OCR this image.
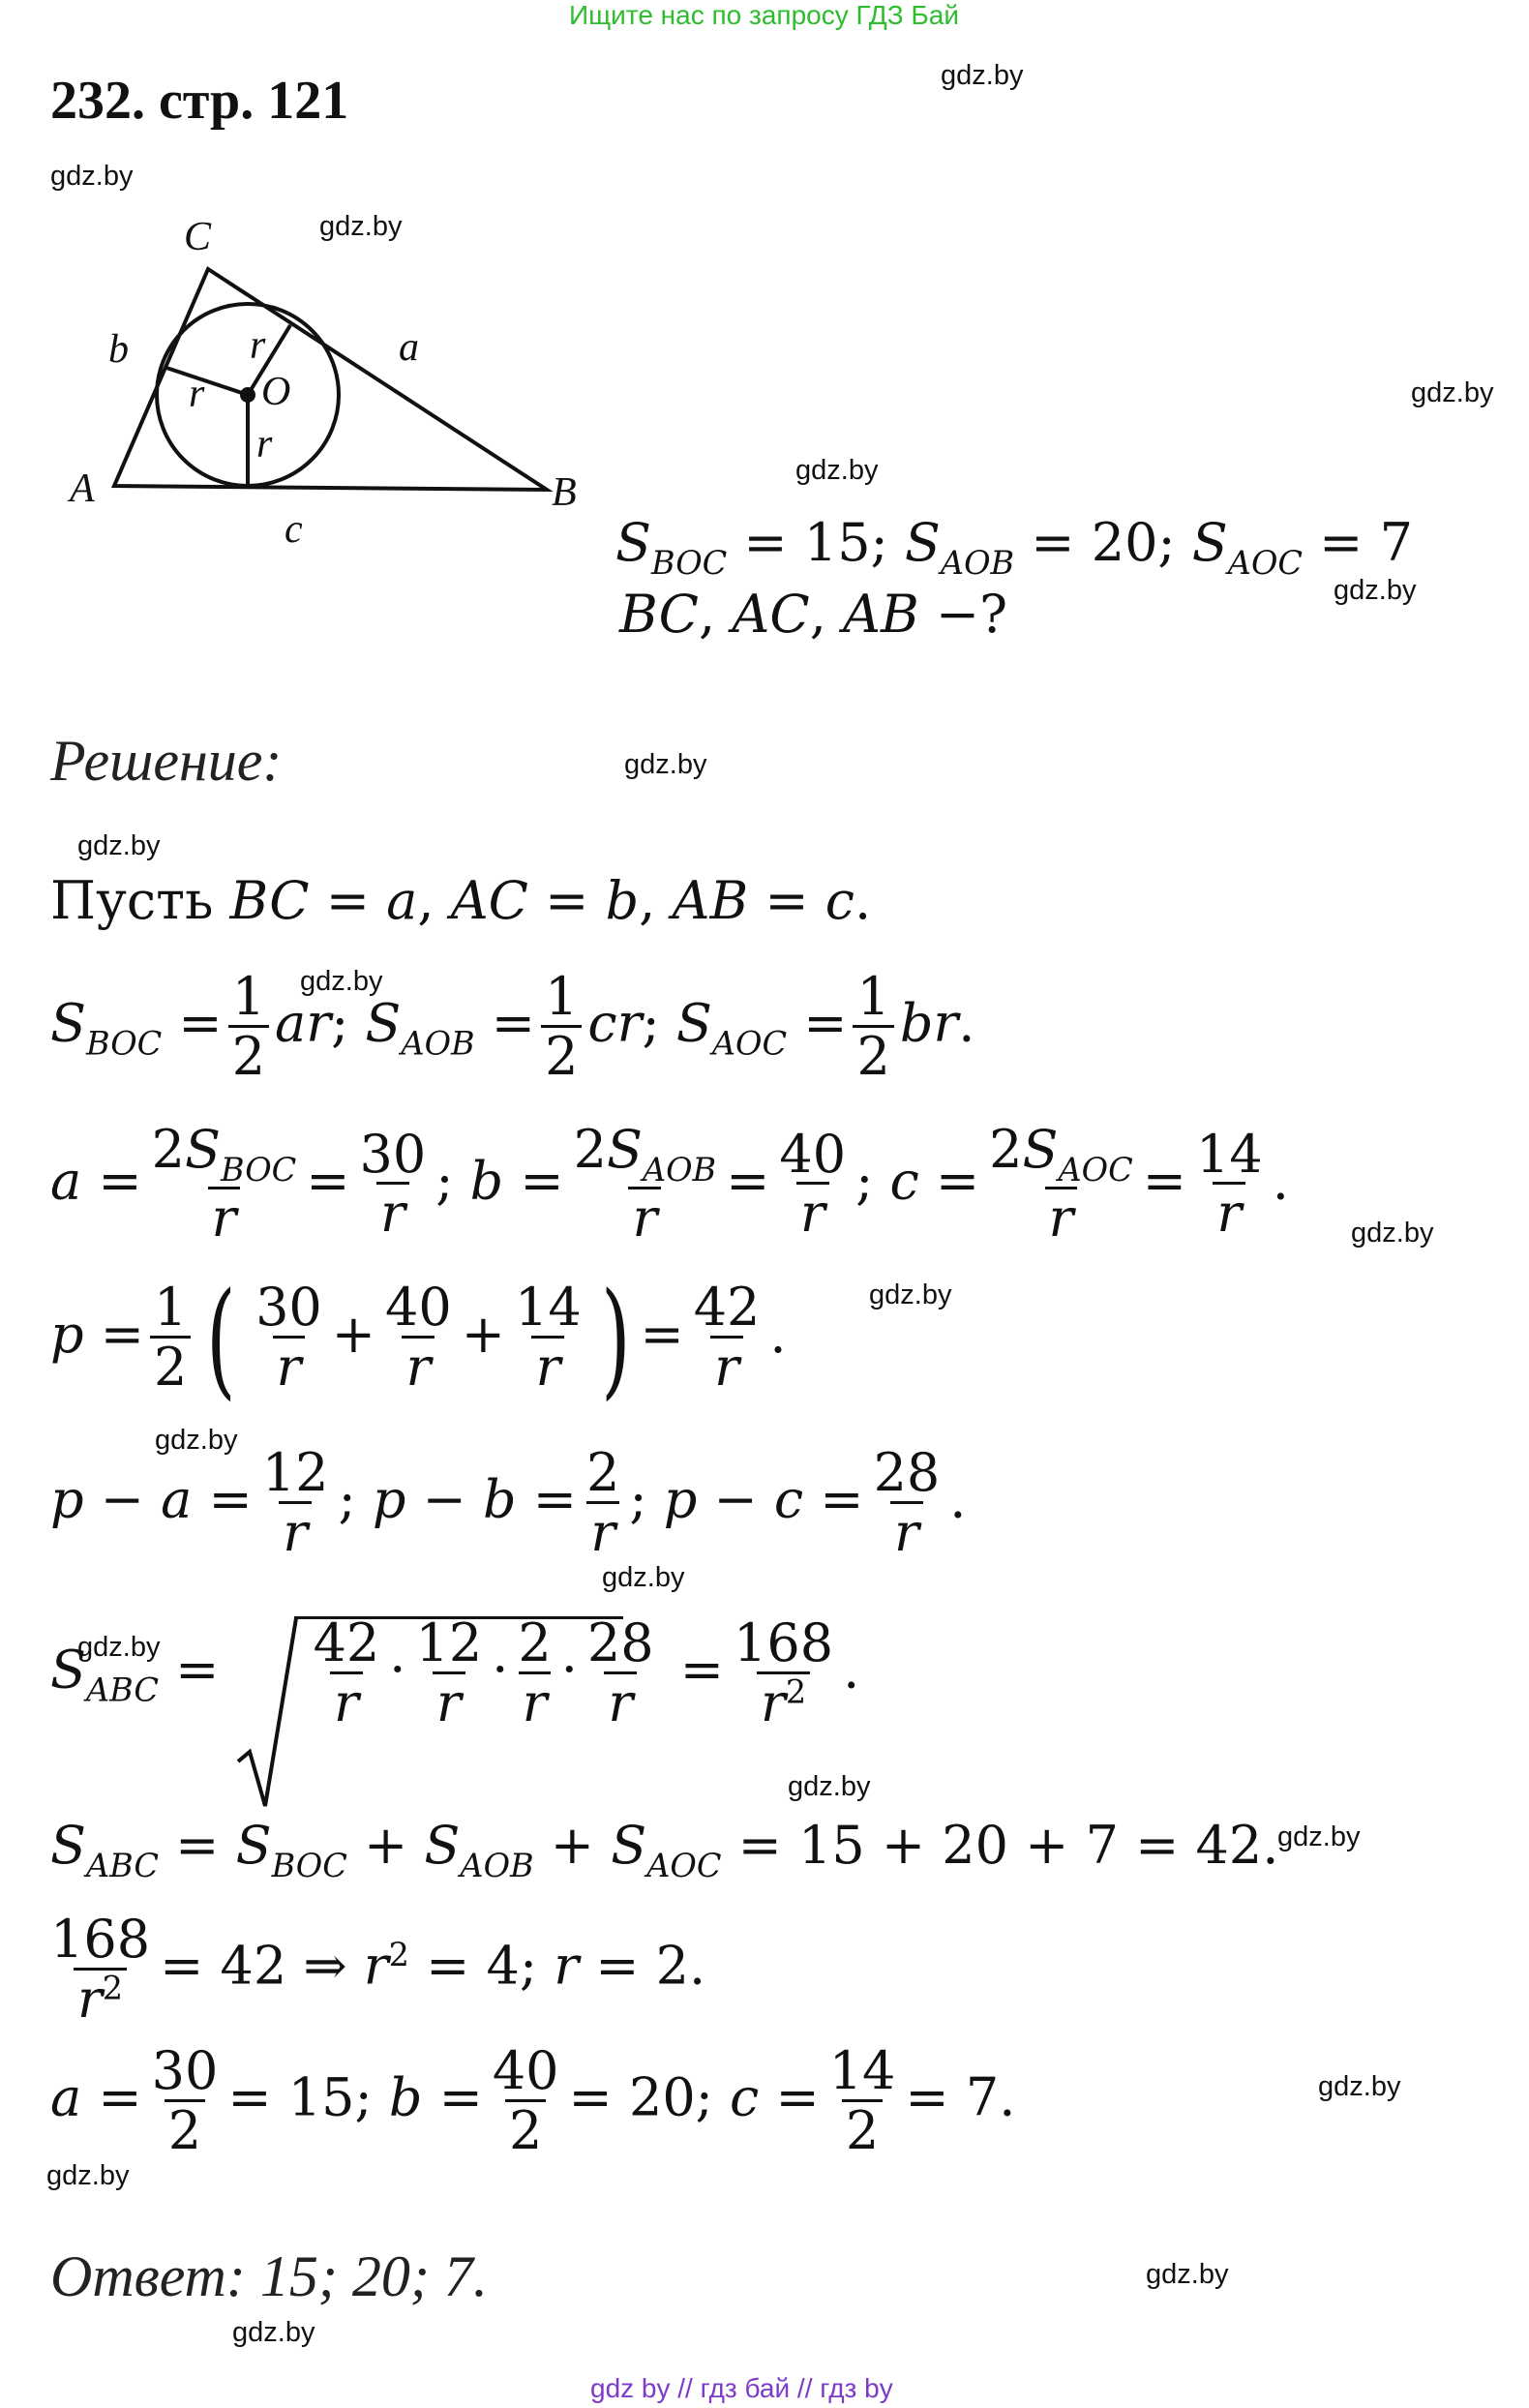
Ищите нас по запросу ГДЗ Бай
232. стр. 121	gdz.by
gdz.by
gdz.by
gdz.by
gdz.by
gdz.by
gdz.by
gdz.by
gdz.by
gdz.by
gdz.by
gdz.by
gdz.by
gdz.by
gdz.by
gdz.by
gdz.by
gdz.by
gdz.by
gdz.by
C
A	B
O
a
b
c
r
r
r
$S_{BOC} = 15$; $S_{AOB} = 20$; $S_{AOC} = 7$
BC, AC, AB −?
Решение:
Пусть BC = a, AC = b, AB = c.
$S_{BOC} = \frac{1}{2}$ ar; $S_{AOB} = \frac{1}{2}$ cr; $S_{AOC} = \frac{1}{2}$ br.
$a = \frac{2S_{BOC}}{r} = \frac{30}{r}$ ; $b = \frac{2S_{AOB}}{r} = \frac{40}{r}$ ; $c = \frac{2S_{AOC}}{r} = \frac{14}{r}$ .
$p = \frac{1}{2}$ ( $\frac{30}{r} + \frac{40}{r} + \frac{14}{r}$ ) = $\frac{42}{r}$ .
$p - a = \frac{12}{r}$ ; $p - b = \frac{2}{r}$ ; $p - c = \frac{28}{r}$ .
$S_{ABC} = \frac{42}{r} \cdot \frac{12}{r} \cdot \frac{2}{r} \cdot \frac{28}{r} = \frac{168}{r^2}$ .
$S_{ABC} = S_{BOC} + S_{AOB} + S_{AOC} = 15 + 20 + 7 = 42$.
$\frac{168}{r^2} = 42$ ⇒ $r^2 = 4$; r = 2.
$a = \frac{30}{2} = 15$; $b = \frac{40}{2} = 20$; $c = \frac{14}{2} = 7$.
Ответ: 15; 20; 7.
gdz by // гдз бай // гдз by
